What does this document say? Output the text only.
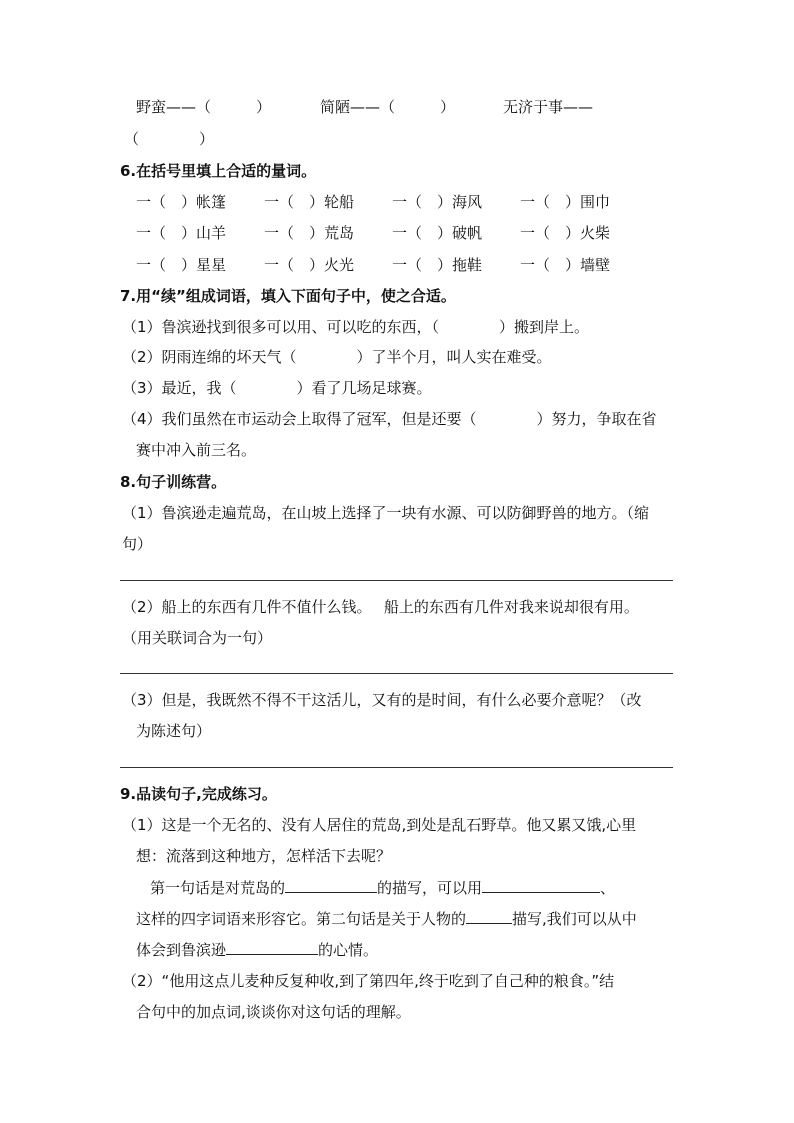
野蛮——（　　　）	简陋——（　　　）	无济于事——
（　　　　）
6.在括号里填上合适的量词。
一（　）帐篷	一（　）轮船	一（　）海风	一（　）围巾
一（　）山羊	一（　）荒岛	一（　）破帆	一（　）火柴
一（　）星星	一（　）火光	一（　）拖鞋	一（　）墙壁
7.用“续”组成词语，填入下面句子中，使之合适。
（1）鲁滨逊找到很多可以用、可以吃的东西，（　　　　）搬到岸上。
（2）阴雨连绵的坏天气（　　　　）了半个月，叫人实在难受。
（3）最近，我（　　　　）看了几场足球赛。
（4）我们虽然在市运动会上取得了冠军，但是还要（　　　　）努力，争取在省
赛中冲入前三名。
8.句子训练营。
（1）鲁滨逊走遍荒岛，在山坡上选择了一块有水源、可以防御野兽的地方。（缩
句）
（2）船上的东西有几件不值什么钱。　 船上的东西有几件对我来说却很有用。
（用关联词合为一句）
（3）但是，我既然不得不干这活儿，又有的是时间，有什么必要介意呢？（改
为陈述句）
9.品读句子,完成练习。
（1）这是一个无名的、没有人居住的荒岛,到处是乱石野草。他又累又饿,心里
想：流落到这种地方，怎样活下去呢？
第一句话是对荒岛的	的描写，可以用	、
这样的四字词语来形容它。第二句话是关于人物的	描写,我们可以从中
体会到鲁滨逊	的心情。
（2）“他用这点儿麦种反复种收,到了第四年,终于吃到了自己种的粮食。”结
合句中的加点词,谈谈你对这句话的理解。
